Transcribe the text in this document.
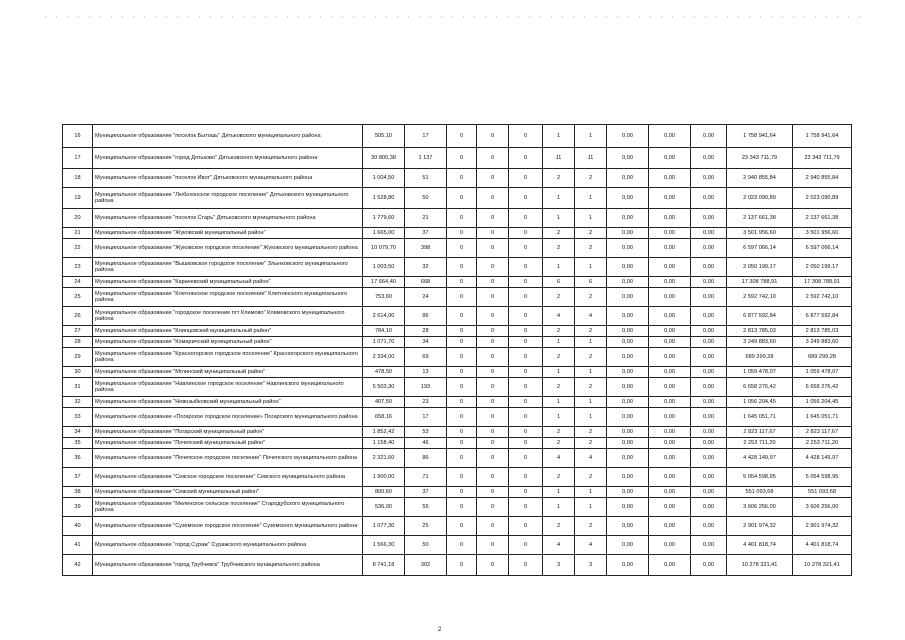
16	Муниципальное образование "поселок Бытошь" Дятьковского муниципального района	505,10	17	0	0	0	1	1	0,00	0,00	0,00	1 758 941,64	1 758 941,64
17	Муниципальное образование "город Дятьково" Дятьковского муниципального района	30 800,38	1 137	0	0	0	11	11	0,00	0,00	0,00	23 343 711,79	23 343 711,79
18	Муниципальное образование "поселок Ивот" Дятьковского муниципального района	1 004,50	51	0	0	0	2	2	0,00	0,00	0,00	2 940 855,84	2 940 855,84
19	Муниципальное образование "Любохонское городское поселение" Дятьковского муниципального района	1 528,80	50	0	0	0	1	1	0,00	0,00	0,00	2 023 090,89	2 023 090,89
20	Муниципальное образование "поселок Старь" Дятьковского муниципального района	1 779,60	21	0	0	0	1	1	0,00	0,00	0,00	2 137 661,38	2 137 661,38
21	Муниципальное образование "Жуковский муниципальный район"	1 665,00	37	0	0	0	2	2	0,00	0,00	0,00	3 501 956,60	3 501 956,60
22	Муниципальное образование "Жуковское городское поселение" Жуковского муниципального района	10 079,70	398	0	0	0	2	2	0,00	0,00	0,00	6 597 066,14	6 597 066,14
23	Муниципальное образование "Вышковское городское поселение" Злынковского муниципального района	1 003,50	32	0	0	0	1	1	0,00	0,00	0,00	2 050 199,17	2 050 199,17
24	Муниципальное образование "Карачевский муниципальный район"	17 664,40	668	0	0	0	6	6	0,00	0,00	0,00	17 308 788,91	17 308 788,91
25	Муниципальное образование "Клетнянское городское поселение" Клетнянского муниципального района	753,60	24	0	0	0	2	2	0,00	0,00	0,00	2 592 742,10	2 592 742,10
26	Муниципальное образование "городское поселение пгт Климово" Климовского муниципального района	2 614,00	86	0	0	0	4	4	0,00	0,00	0,00	6 877 592,84	6 877 592,84
27	Муниципальное образование "Клинцовский муниципальный район"	784,10	28	0	0	0	2	2	0,00	0,00	0,00	2 813 785,03	2 813 785,03
28	Муниципальное образование "Комаричский муниципальный район"	1 071,70	34	0	0	0	1	1	0,00	0,00	0,00	3 249 883,60	3 249 883,60
29	Муниципальное образование "Красногорское городское поселение" Красногорского муниципального района	2 334,00	69	0	0	0	2	2	0,00	0,00	0,00	689 299,28	689 299,28
30	Муниципальное образование "Мглинский муниципальный район"	478,50	13	0	0	0	1	1	0,00	0,00	0,00	1 059 478,07	1 059 478,07
31	Муниципальное образование "Навлинское городское поселение" Навлинского муниципального района	5 503,30	193	0	0	0	2	2	0,00	0,00	0,00	6 658 276,42	6 658 276,42
32	Муниципальное образование "Новозыбковский муниципальный район"	407,50	23	0	0	0	1	1	0,00	0,00	0,00	1 056 204,45	1 056 204,45
33	Муниципальное образование «Погарское городское поселение» Погарского муниципального района	658,16	17	0	0	0	1	1	0,00	0,00	0,00	1 645 051,71	1 645 051,71
34	Муниципальное образование "Погарский муниципальный район"	1 852,42	53	0	0	0	2	2	0,00	0,00	0,00	2 823 117,67	2 823 117,67
35	Муниципальное образование "Почепский муниципальный район"	1 158,40	46	0	0	0	2	2	0,00	0,00	0,00	2 253 711,20	2 253 711,20
36	Муниципальное образование "Почепское городское поселение" Почепского муниципального района	2 321,60	86	0	0	0	4	4	0,00	0,00	0,00	4 428 149,97	4 428 149,97
37	Муниципальное образование "Севское городское поселение" Севского муниципального района	1 900,00	71	0	0	0	2	2	0,00	0,00	0,00	5 054 598,95	5 054 598,95
38	Муниципальное образование "Севский муниципальный район"	800,60	37	0	0	0	1	1	0,00	0,00	0,00	551 093,68	551 093,68
39	Муниципальное образование "Меленское сельское поселение" Стародубского муниципального района	536,00	55	0	0	0	1	1	0,00	0,00	0,00	3 606 256,00	3 606 256,00
40	Муниципальное образование "Суземское городское поселение" Суземского муниципального района	1 077,30	25	0	0	0	2	2	0,00	0,00	0,00	2 901 974,32	2 901 974,32
41	Муниципальное образование "город Сураж" Суражского муниципального района	1 566,30	50	0	0	0	4	4	0,00	0,00	0,00	4 401 818,74	4 401 818,74
42	Муниципальное образование "город Трубчевск" Трубчевского муниципального района	8 741,18	302	0	0	0	3	3	0,00	0,00	0,00	10 278 321,41	10 278 321,41
2
